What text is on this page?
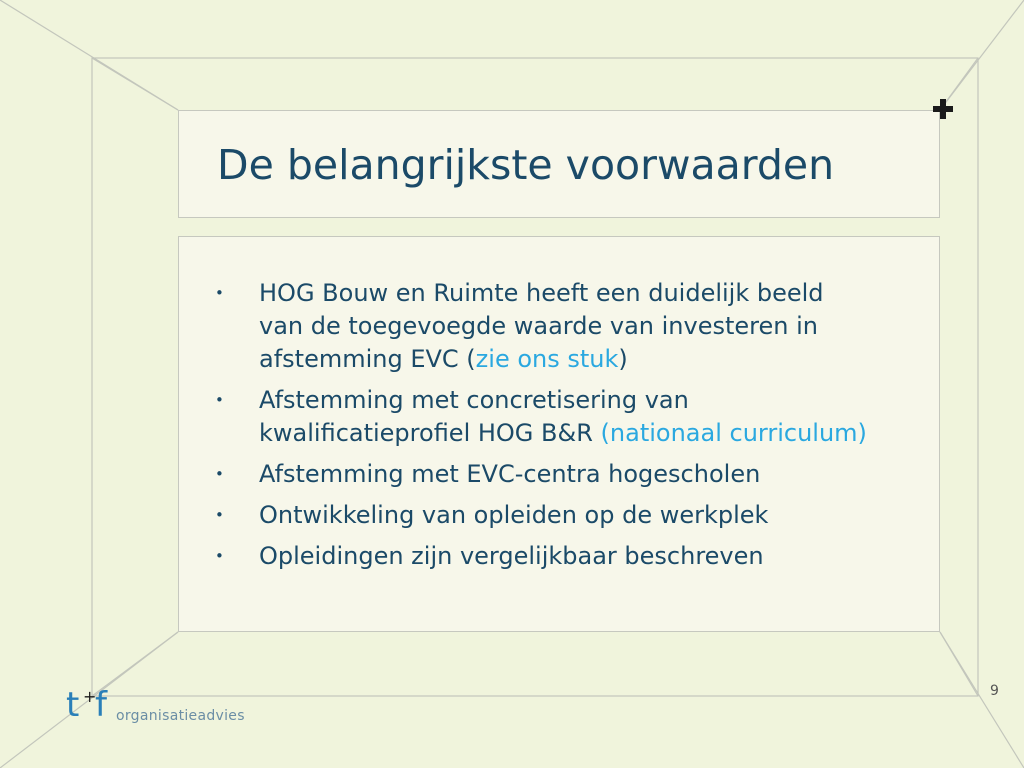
De belangrijkste voorwaarden
• HOG Bouw en Ruimte heeft een duidelijk beeld van de toegevoegde waarde van investeren in afstemming EVC (zie ons stuk)
• Afstemming met concretisering van kwalificatieprofiel HOG B&R (nationaal curriculum)
• Afstemming met EVC-centra hogescholen
• Ontwikkeling van opleiden op de werkplek
• Opleidingen zijn vergelijkbaar beschreven
9
t +
f organisatieadvies
